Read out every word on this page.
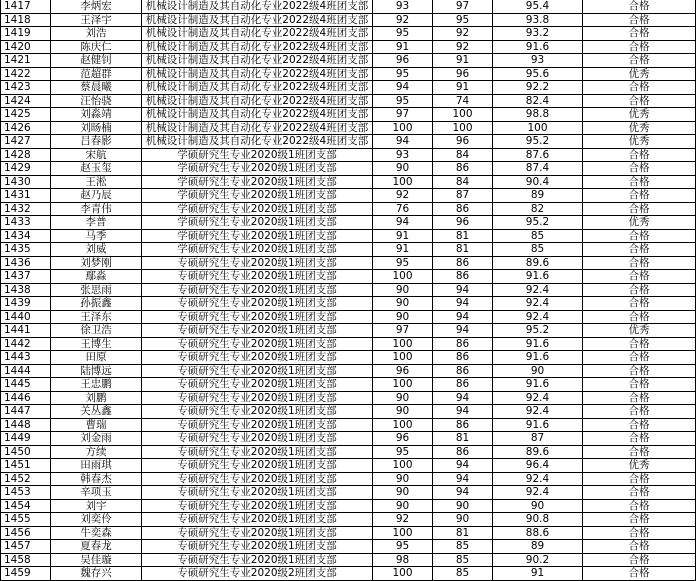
1417	李炳宏	机械设计制造及其自动化专业2022级4班团支部	93	97	95.4	合格
1418	王泽宇	机械设计制造及其自动化专业2022级4班团支部	92	95	93.8	合格
1419	刘浩	机械设计制造及其自动化专业2022级4班团支部	95	92	93.2	合格
1420	陈庆仁	机械设计制造及其自动化专业2022级4班团支部	91	92	91.6	合格
1421	赵健钊	机械设计制造及其自动化专业2022级4班团支部	96	91	93	合格
1422	范超群	机械设计制造及其自动化专业2022级4班团支部	95	96	95.6	优秀
1423	蔡晨曦	机械设计制造及其自动化专业2022级4班团支部	94	91	92.2	合格
1424	汪怡骁	机械设计制造及其自动化专业2022级4班团支部	95	74	82.4	合格
1425	刘淼靖	机械设计制造及其自动化专业2022级4班团支部	97	100	98.8	优秀
1426	刘旸楠	机械设计制造及其自动化专业2022级4班团支部	100	100	100	优秀
1427	吕春影	机械设计制造及其自动化专业2022级4班团支部	94	96	95.2	优秀
1428	宋航	学硕研究生专业2020级1班团支部	93	84	87.6	合格
1429	赵玉玺	学硕研究生专业2020级1班团支部	90	86	87.4	合格
1430	王淞	学硕研究生专业2020级1班团支部	100	84	90.4	合格
1431	赵乃辰	学硕研究生专业2020级1班团支部	92	87	89	合格
1432	李青伟	学硕研究生专业2020级1班团支部	76	86	82	合格
1433	李普	学硕研究生专业2020级1班团支部	94	96	95.2	优秀
1434	马季	学硕研究生专业2020级1班团支部	91	81	85	合格
1435	刘威	学硕研究生专业2020级1班团支部	91	81	85	合格
1436	刘梦刚	专硕研究生专业2020级1班团支部	95	86	89.6	合格
1437	鄢淼	专硕研究生专业2020级1班团支部	100	86	91.6	合格
1438	张思雨	专硕研究生专业2020级1班团支部	90	94	92.4	合格
1439	孙振鑫	专硕研究生专业2020级1班团支部	90	94	92.4	合格
1440	王泽东	专硕研究生专业2020级1班团支部	90	94	92.4	合格
1441	徐卫浩	专硕研究生专业2020级1班团支部	97	94	95.2	优秀
1442	王博生	专硕研究生专业2020级1班团支部	100	86	91.6	合格
1443	田原	专硕研究生专业2020级1班团支部	100	86	91.6	合格
1444	陆博远	专硕研究生专业2020级1班团支部	96	86	90	合格
1445	王忠鹏	专硕研究生专业2020级1班团支部	100	86	91.6	合格
1446	刘鹏	专硕研究生专业2020级1班团支部	90	94	92.4	合格
1447	关丛鑫	专硕研究生专业2020级1班团支部	90	94	92.4	合格
1448	曹瑞	专硕研究生专业2020级1班团支部	100	86	91.6	合格
1449	刘金雨	专硕研究生专业2020级1班团支部	96	81	87	合格
1450	方续	专硕研究生专业2020级1班团支部	95	86	89.6	合格
1451	田雨琪	专硕研究生专业2020级1班团支部	100	94	96.4	优秀
1452	韩春杰	专硕研究生专业2020级1班团支部	90	94	92.4	合格
1453	辛项玉	专硕研究生专业2020级1班团支部	90	94	92.4	合格
1454	刘宇	专硕研究生专业2020级1班团支部	90	90	90	合格
1455	刘奕伶	专硕研究生专业2020级1班团支部	92	90	90.8	合格
1456	牛奕森	专硕研究生专业2020级1班团支部	100	81	88.6	合格
1457	夏春龙	专硕研究生专业2020级1班团支部	95	85	89	合格
1458	吴佳璇	专硕研究生专业2020级1班团支部	98	85	90.2	合格
1459	魏存兴	专硕研究生专业2020级2班团支部	100	85	91	合格
